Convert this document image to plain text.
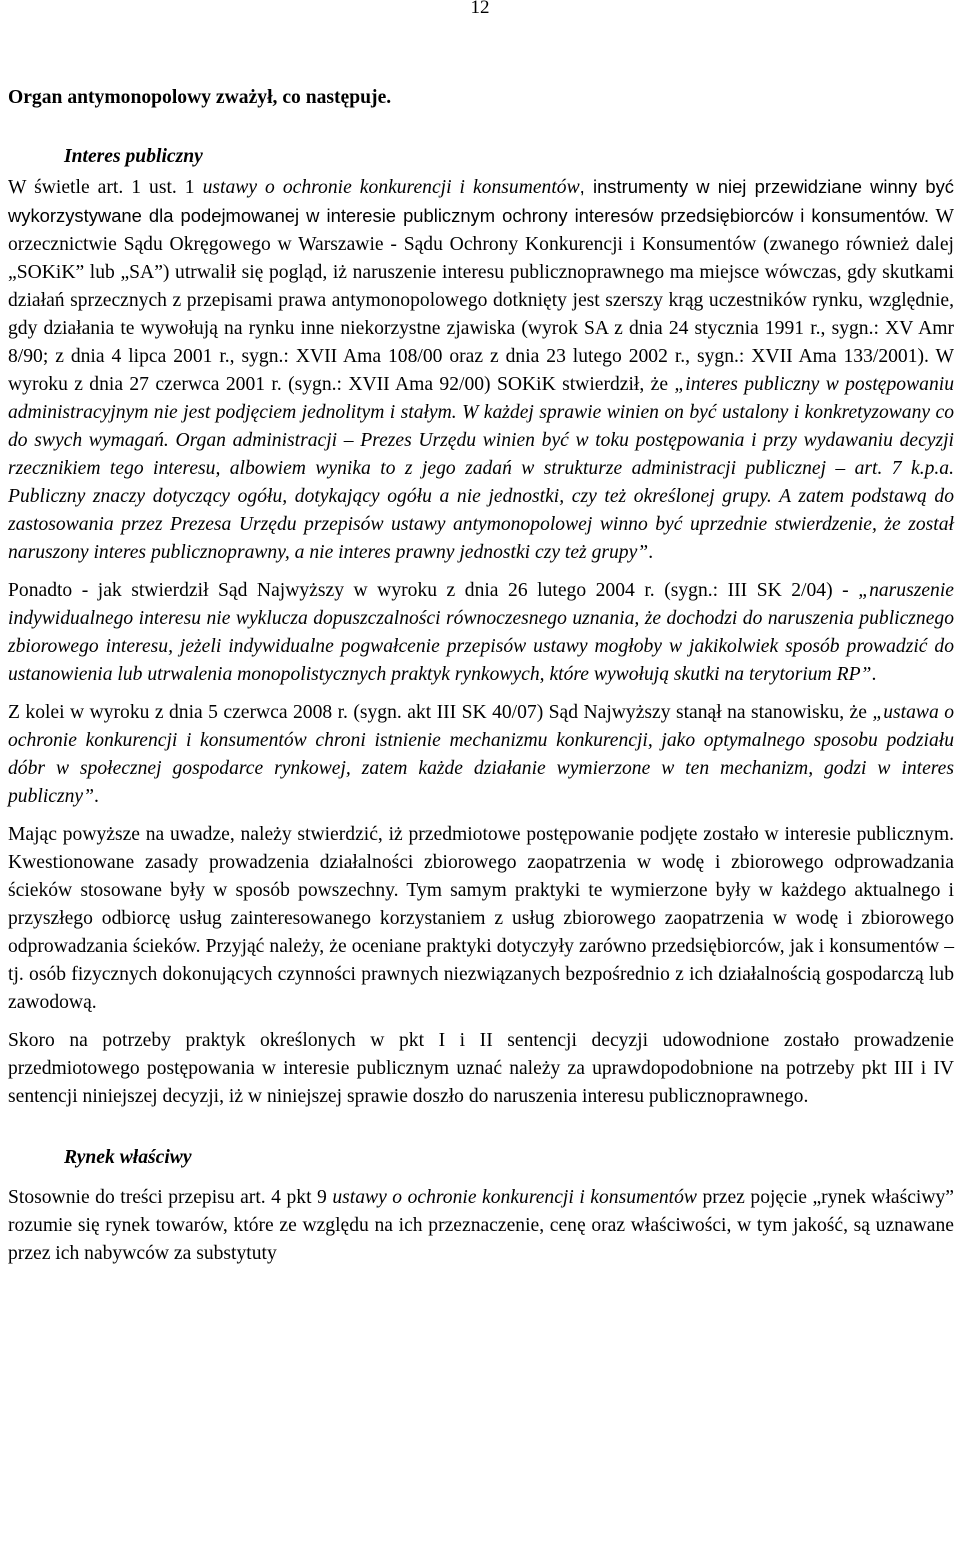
12

Organ antymonopolowy zważył, co następuje.

Interes publiczny

W świetle art. 1 ust. 1 ustawy o ochronie konkurencji i konsumentów, instrumenty w niej przewidziane winny być wykorzystywane dla podejmowanej w interesie publicznym ochrony interesów przedsiębiorców i konsumentów. W orzecznictwie Sądu Okręgowego w Warszawie - Sądu Ochrony Konkurencji i Konsumentów (zwanego również dalej „SOKiK” lub „SA”) utrwalił się pogląd, iż naruszenie interesu publicznoprawnego ma miejsce wówczas, gdy skutkami działań sprzecznych z przepisami prawa antymonopolowego dotknięty jest szerszy krąg uczestników rynku, względnie, gdy działania te wywołują na rynku inne niekorzystne zjawiska (wyrok SA z dnia 24 stycznia 1991 r., sygn.: XV Amr 8/90; z dnia 4 lipca 2001 r., sygn.: XVII Ama 108/00 oraz z dnia 23 lutego 2002 r., sygn.: XVII Ama 133/2001). W wyroku z dnia 27 czerwca 2001 r. (sygn.: XVII Ama 92/00) SOKiK stwierdził, że „interes publiczny w postępowaniu administracyjnym nie jest podjęciem jednolitym i stałym. W każdej sprawie winien on być ustalony i konkretyzowany co do swych wymagań. Organ administracji – Prezes Urzędu winien być w toku postępowania i przy wydawaniu decyzji rzecznikiem tego interesu, albowiem wynika to z jego zadań w strukturze administracji publicznej – art. 7 k.p.a. Publiczny znaczy dotyczący ogółu, dotykający ogółu a nie jednostki, czy też określonej grupy. A zatem podstawą do zastosowania przez Prezesa Urzędu przepisów ustawy antymonopolowej winno być uprzednie stwierdzenie, że został naruszony interes publicznoprawny, a nie interes prawny jednostki czy też grupy”.

Ponadto - jak stwierdził Sąd Najwyższy w wyroku z dnia 26 lutego 2004 r. (sygn.: III SK 2/04) - „naruszenie indywidualnego interesu nie wyklucza dopuszczalności równoczesnego uznania, że dochodzi do naruszenia publicznego zbiorowego interesu, jeżeli indywidualne pogwałcenie przepisów ustawy mogłoby w jakikolwiek sposób prowadzić do ustanowienia lub utrwalenia monopolistycznych praktyk rynkowych, które wywołują skutki na terytorium RP”.

Z kolei w wyroku z dnia 5 czerwca 2008 r. (sygn. akt III SK 40/07) Sąd Najwyższy stanął na stanowisku, że „ustawa o ochronie konkurencji i konsumentów chroni istnienie mechanizmu konkurencji, jako optymalnego sposobu podziału dóbr w społecznej gospodarce rynkowej, zatem każde działanie wymierzone w ten mechanizm, godzi w interes publiczny”.

Mając powyższe na uwadze, należy stwierdzić, iż przedmiotowe postępowanie podjęte zostało w interesie publicznym. Kwestionowane zasady prowadzenia działalności zbiorowego zaopatrzenia w wodę i zbiorowego odprowadzania ścieków stosowane były w sposób powszechny. Tym samym praktyki te wymierzone były w każdego aktualnego i przyszłego odbiorcę usług zainteresowanego korzystaniem z usług zbiorowego zaopatrzenia w wodę i zbiorowego odprowadzania ścieków. Przyjąć należy, że oceniane praktyki dotyczyły zarówno przedsiębiorców, jak i konsumentów – tj. osób fizycznych dokonujących czynności prawnych niezwiązanych bezpośrednio z ich działalnością gospodarczą lub zawodową.

Skoro na potrzeby praktyk określonych w pkt I i II sentencji decyzji udowodnione zostało prowadzenie przedmiotowego postępowania w interesie publicznym uznać należy za uprawdopodobnione na potrzeby pkt III i IV sentencji niniejszej decyzji, iż w niniejszej sprawie doszło do naruszenia interesu publicznoprawnego.

Rynek właściwy

Stosownie do treści przepisu art. 4 pkt 9 ustawy o ochronie konkurencji i konsumentów przez pojęcie „rynek właściwy” rozumie się rynek towarów, które ze względu na ich przeznaczenie, cenę oraz właściwości, w tym jakość, są uznawane przez ich nabywców za substytuty
